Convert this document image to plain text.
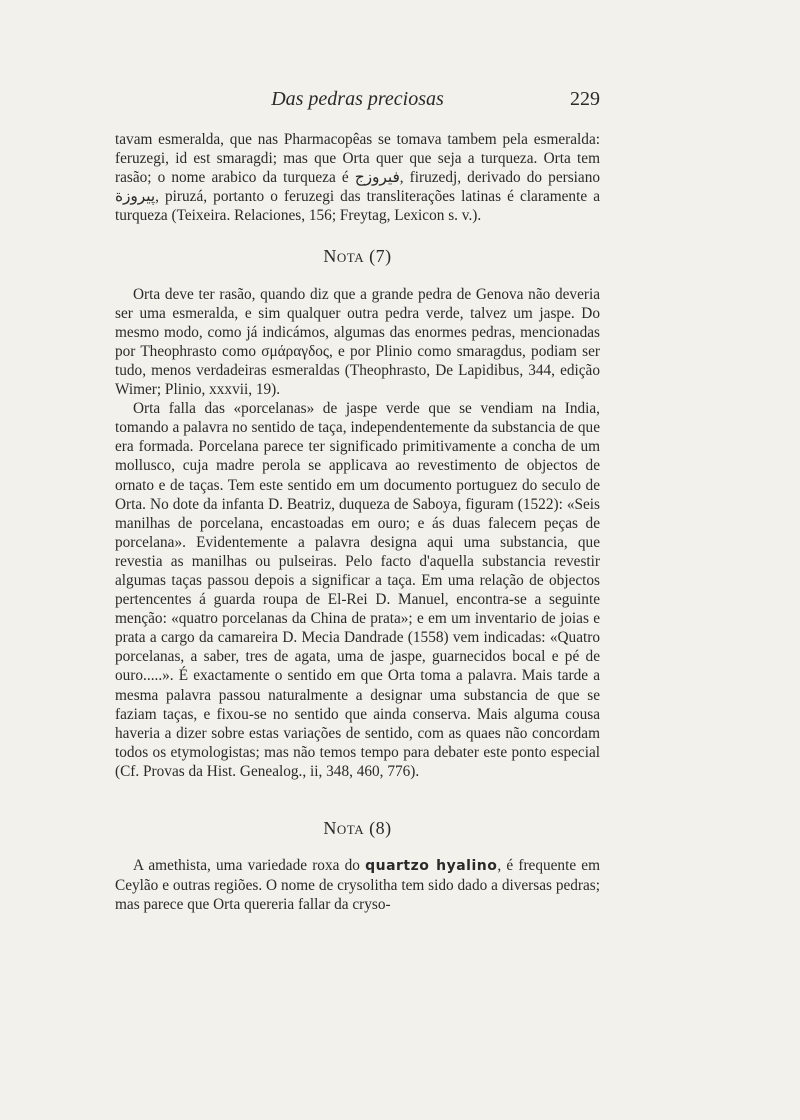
Das pedras preciosas	229

tavam esmeralda, que nas Pharmacopêas se tomava tambem pela esmeralda: feruzegi, id est smaragdi; mas que Orta quer que seja a turqueza. Orta tem rasão; o nome arabico da turqueza é فيروزج, firuzedj, derivado do persiano پيروزة, piruzá, portanto o feruzegi das transliterações latinas é claramente a turqueza (Teixeira. Relaciones, 156; Freytag, Lexicon s. v.).

Nota (7)

Orta deve ter rasão, quando diz que a grande pedra de Genova não deveria ser uma esmeralda, e sim qualquer outra pedra verde, talvez um jaspe. Do mesmo modo, como já indicámos, algumas das enormes pedras, mencionadas por Theophrasto como σμάραγδος, e por Plinio como smaragdus, podiam ser tudo, menos verdadeiras esmeraldas (Theophrasto, De Lapidibus, 344, edição Wimer; Plinio, xxxvii, 19).

Orta falla das «porcelanas» de jaspe verde que se vendiam na India, tomando a palavra no sentido de taça, independentemente da substancia de que era formada. Porcelana parece ter significado primitivamente a concha de um mollusco, cuja madre perola se applicava ao revestimento de objectos de ornato e de taças. Tem este sentido em um documento portuguez do seculo de Orta. No dote da infanta D. Beatriz, duqueza de Saboya, figuram (1522): «Seis manilhas de porcelana, encastoadas em ouro; e ás duas falecem peças de porcelana». Evidentemente a palavra designa aqui uma substancia, que revestia as manilhas ou pulseiras. Pelo facto d'aquella substancia revestir algumas taças passou depois a significar a taça. Em uma relação de objectos pertencentes á guarda roupa de El-Rei D. Manuel, encontra-se a seguinte menção: «quatro porcelanas da China de prata»; e em um inventario de joias e prata a cargo da camareira D. Mecia Dandrade (1558) vem indicadas: «Quatro porcelanas, a saber, tres de agata, uma de jaspe, guarnecidos bocal e pé de ouro.....». É exactamente o sentido em que Orta toma a palavra. Mais tarde a mesma palavra passou naturalmente a designar uma substancia de que se faziam taças, e fixou-se no sentido que ainda conserva. Mais alguma cousa haveria a dizer sobre estas variações de sentido, com as quaes não concordam todos os etymologistas; mas não temos tempo para debater este ponto especial (Cf. Provas da Hist. Genealog., ii, 348, 460, 776).

Nota (8)

A amethista, uma variedade roxa do quartzo hyalino, é frequente em Ceylão e outras regiões. O nome de crysolitha tem sido dado a diversas pedras; mas parece que Orta quereria fallar da cryso-
